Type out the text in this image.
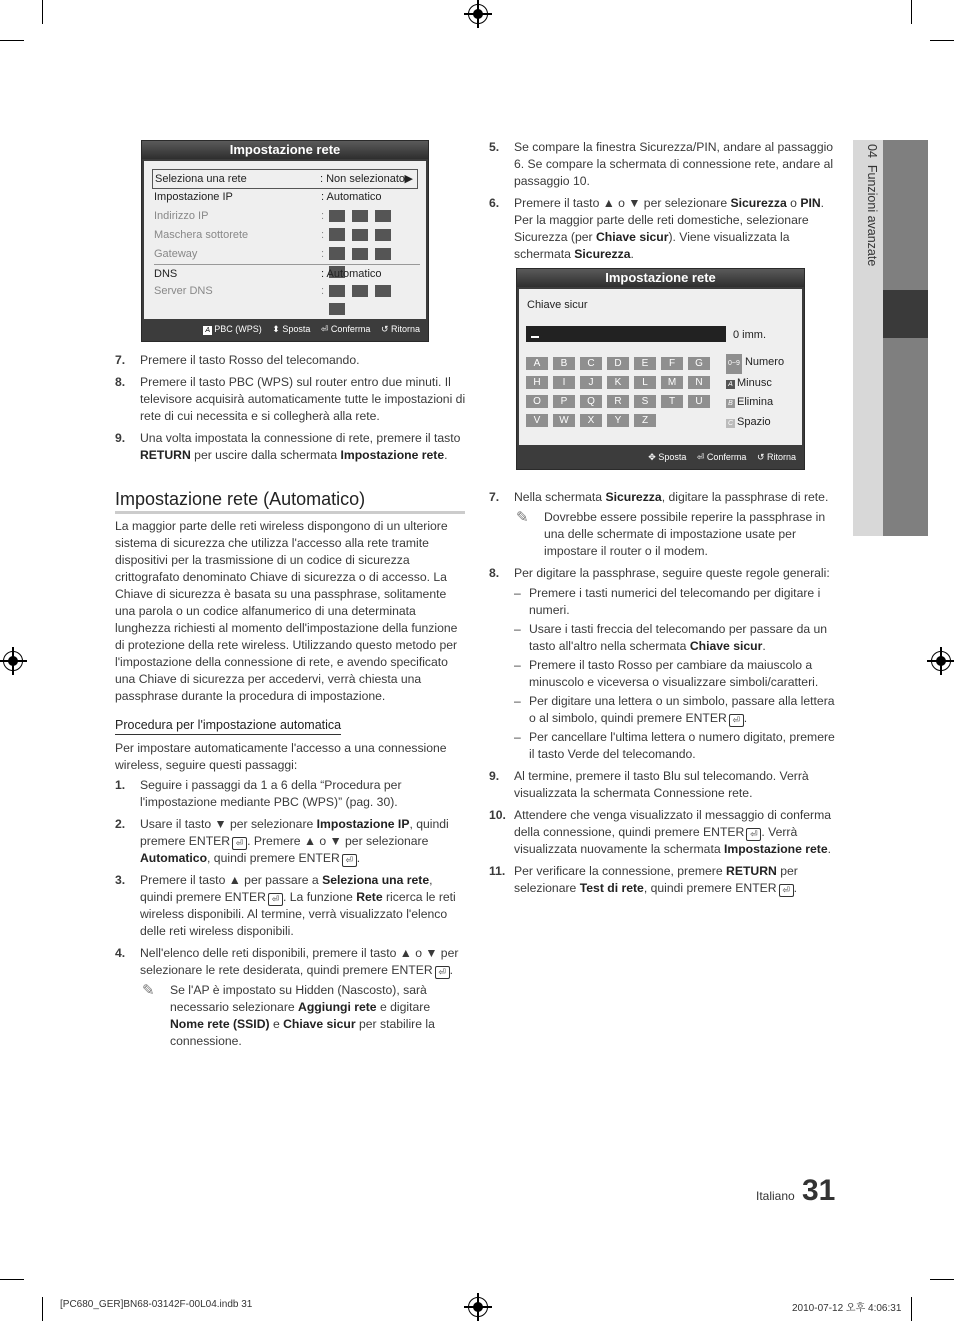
04  Funzioni avanzate
Impostazione rete
Seleziona una rete	: Non selezionato ▶
Impostazione IP	: Automatico
Indirizzo IP	:
Maschera sottorete	:
Gateway	:
DNS	: Automatico
Server DNS	:
A PBC (WPS) ⬍ Sposta ⏎ Conferma ↺ Ritorna
7. Premere il tasto Rosso del telecomando.
8. Premere il tasto PBC (WPS) sul router entro due minuti. Il televisore acquisirà automaticamente tutte le impostazioni di rete di cui necessita e si collegherà alla rete.
9. Una volta impostata la connessione di rete, premere il tasto RETURN per uscire dalla schermata Impostazione rete.
Impostazione rete (Automatico)

La maggior parte delle reti wireless dispongono di un ulteriore sistema di sicurezza che utilizza l'accesso alla rete tramite dispositivi per la trasmissione di un codice di sicurezza crittografato denominato Chiave di sicurezza o di accesso. La Chiave di sicurezza è basata su una passphrase, solitamente una parola o un codice alfanumerico di una determinata lunghezza richiesti al momento dell'impostazione della funzione di protezione della rete wireless. Utilizzando questo metodo per l'impostazione della connessione di rete, e avendo specificato una Chiave di sicurezza per accedervi, verrà chiesta una passphrase durante la procedura di impostazione.

Procedura per l'impostazione automatica

Per impostare automaticamente l'accesso a una connessione wireless, seguire questi passaggi:

1. Seguire i passaggi da 1 a 6 della “Procedura per l'impostazione mediante PBC (WPS)” (pag. 30).
2. Usare il tasto ▼ per selezionare Impostazione IP, quindi premere ENTER ⏎ . Premere ▲ o ▼ per selezionare Automatico, quindi premere ENTER ⏎ .
3. Premere il tasto ▲ per passare a Seleziona una rete, quindi premere ENTER ⏎ . La funzione Rete ricerca le reti wireless disponibili. Al termine, verrà visualizzato l'elenco delle reti wireless disponibili.
4. Nell'elenco delle reti disponibili, premere il tasto ▲ o ▼ per selezionare le rete desiderata, quindi premere ENTER ⏎ .
✎ Se l'AP è impostato su Hidden (Nascosto), sarà necessario selezionare Aggiungi rete e digitare Nome rete (SSID) e Chiave sicur per stabilire la connessione.
5. Se compare la finestra Sicurezza/PIN, andare al passaggio 6. Se compare la schermata di connessione rete, andare al passaggio 10.
6. Premere il tasto ▲ o ▼ per selezionare Sicurezza o PIN. Per la maggior parte delle reti domestiche, selezionare Sicurezza (per Chiave sicur). Viene visualizzata la schermata Sicurezza.
Impostazione rete
Chiave sicur
0 imm.
A B C D E F G
H I J K L M N
O P Q R S T U
V W X Y Z
0~9 Numero
A Minusc
B Elimina
C Spazio
✥ Sposta ⏎ Conferma ↺ Ritorna
7. Nella schermata Sicurezza, digitare la passphrase di rete.
✎ Dovrebbe essere possibile reperire la passphrase in una delle schermate di impostazione usate per impostare il router o il modem.
8. Per digitare la passphrase, seguire queste regole generali:
– Premere i tasti numerici del telecomando per digitare i numeri.
– Usare i tasti freccia del telecomando per passare da un tasto all'altro nella schermata Chiave sicur.
– Premere il tasto Rosso per cambiare da maiuscolo a minuscolo e viceversa o visualizzare simboli/caratteri.
– Per digitare una lettera o un simbolo, passare alla lettera o al simbolo, quindi premere ENTER ⏎ .
– Per cancellare l'ultima lettera o numero digitato, premere il tasto Verde del telecomando.
9. Al termine, premere il tasto Blu sul telecomando. Verrà visualizzata la schermata Connessione rete.
10. Attendere che venga visualizzato il messaggio di conferma della connessione, quindi premere ENTER ⏎ . Verrà visualizzata nuovamente la schermata Impostazione rete.
11. Per verificare la connessione, premere RETURN per selezionare Test di rete, quindi premere ENTER ⏎ .
Italiano 31
[PC680_GER]BN68-03142F-00L04.indb 31	2010-07-12 오후 4:06:31
